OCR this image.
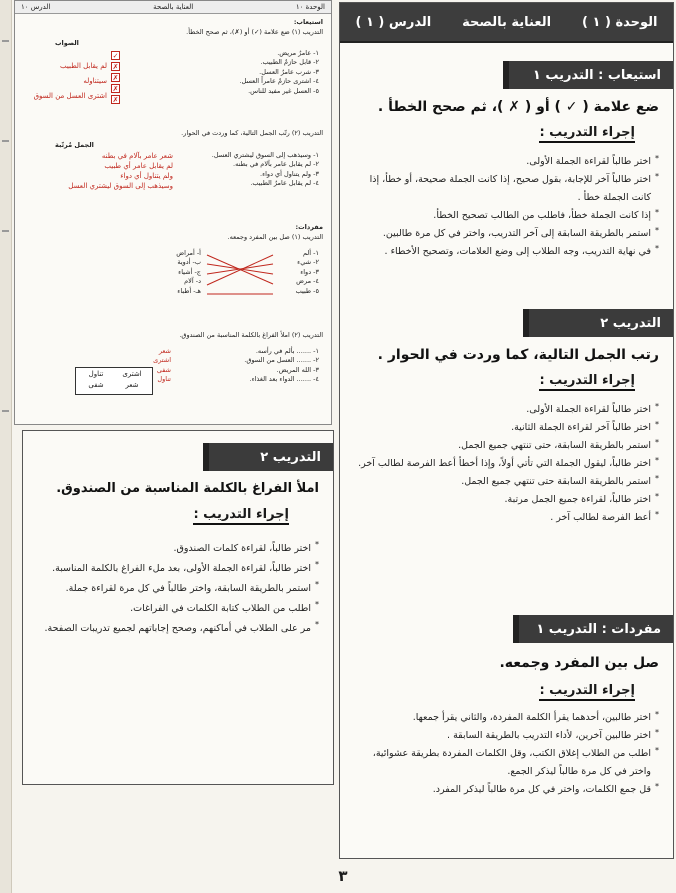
الوحدة ١٠
العناية بالصحة
الدرس ١٠
استيعاب:
التدريب (١) ضع علامة (✓) أو (✗)، ثم صحح الخطأ.
الصواب
١- عامرٌ مريض.
٢- قابل حازمٌ الطبيب.
٣- شرب عامرٌ العسل.
٤- اشترى حازمٌ عامراً العسل.
٥- العسل غير مفيد للناس.
✓
✗
✗
✗
✗
لم يقابل الطبيب
سيتناوله
اشترى العسل من السوق
التدريب (٢) رتّب الجمل التالية، كما وردت في الحوار.
الجمل مُرتّبة
١- وسيذهب إلى السوق ليشتري العسل.
٢- لم يقابل عامر بآلام في بطنه.
٣- ولم يتناول أي دواء.
٤- لم يقابل عامرٌ الطبيب.
شعر عامر بآلام في بطنه
لم يقابل عامر أي طبيب
ولم يتناول أي دواء
وسيذهب إلى السوق ليشتري العسل
مفردات:
التدريب (١) صل بين المفرد وجمعه.
١- ألم
٢- شيء
٣- دواء
٤- مرض
٥- طبيب
أ- أمراض
ب- أدوية
ج- أشياء
د- آلام
هـ- أطباء
التدريب (٢) املأ الفراغ بالكلمة المناسبة من الصندوق.
١- ....... بألم في رأسه.
٢- ....... العسل من السوق.
٣- الله المريض.
٤- ....... الدواء بعد الغذاء.
شعر
اشترى
شفى
تناول
اشترى
تناول
شعر
شفى
الوحدة ( ١ )
العناية بالصحة
الدرس ( ١ )
استيعاب : التدريب ١
ضع علامة ( ✓ ) أو ( ✗ )، ثم صحح الخطأ .
إجراء التدريب :
* اختر طالباً لقراءة الجملة الأولى.
* اختر طالباً آخر للإجابة، بقول صحيح، إذا كانت الجملة صحيحة، أو خطأ، إذا كانت الجملة خطأ .
* إذا كانت الجملة خطأ، فاطلب من الطالب تصحيح الخطأ.
* استمر بالطريقة السابقة إلى آخر التدريب، واختر في كل مرة طالبين.
* في نهاية التدريب، وجه الطلاب إلى وضع العلامات، وتصحيح الأخطاء .
التدريب ٢
رتب الجمل التالية، كما وردت في الحوار .
إجراء التدريب :
* اختر طالباً لقراءة الجملة الأولى.
* اختر طالباً آخر لقراءة الجملة الثانية.
* استمر بالطريقة السابقة، حتى تنتهي جميع الجمل.
* اختر طالباً، ليقول الجملة التي تأتي أولاً، وإذا أخطأ أعط الفرصة لطالب آخر.
* استمر بالطريقة السابقة حتى تنتهي جميع الجمل.
* اختر طالباً، لقراءة جميع الجمل مرتبة.
* أعط الفرصة لطالب آخر .
مفردات : التدريب ١
صل بين المفرد وجمعه.
إجراء التدريب :
* اختر طالبين، أحدهما يقرأ الكلمة المفردة، والثاني يقرأ جمعها.
* اختر طالبين آخرين، لأداء التدريب بالطريقة السابقة .
* اطلب من الطلاب إغلاق الكتب، وقل الكلمات المفردة بطريقة عشوائية، واختر في كل مرة طالباً ليذكر الجمع.
* قل جمع الكلمات، واختر في كل مرة طالباً ليذكر المفرد.
التدريب ٢
املأ الفراغ بالكلمة المناسبة من الصندوق.
إجراء التدريب :
* اختر طالباً، لقراءة كلمات الصندوق.
* اختر طالباً، لقراءة الجملة الأولى، بعد ملء الفراغ بالكلمة المناسبة.
* استمر بالطريقة السابقة، واختر طالباً في كل مرة لقراءة جملة.
* اطلب من الطلاب كتابة الكلمات في الفراغات.
* مر على الطلاب في أماكنهم، وصحح إجاباتهم لجميع تدريبات الصفحة.
٣
